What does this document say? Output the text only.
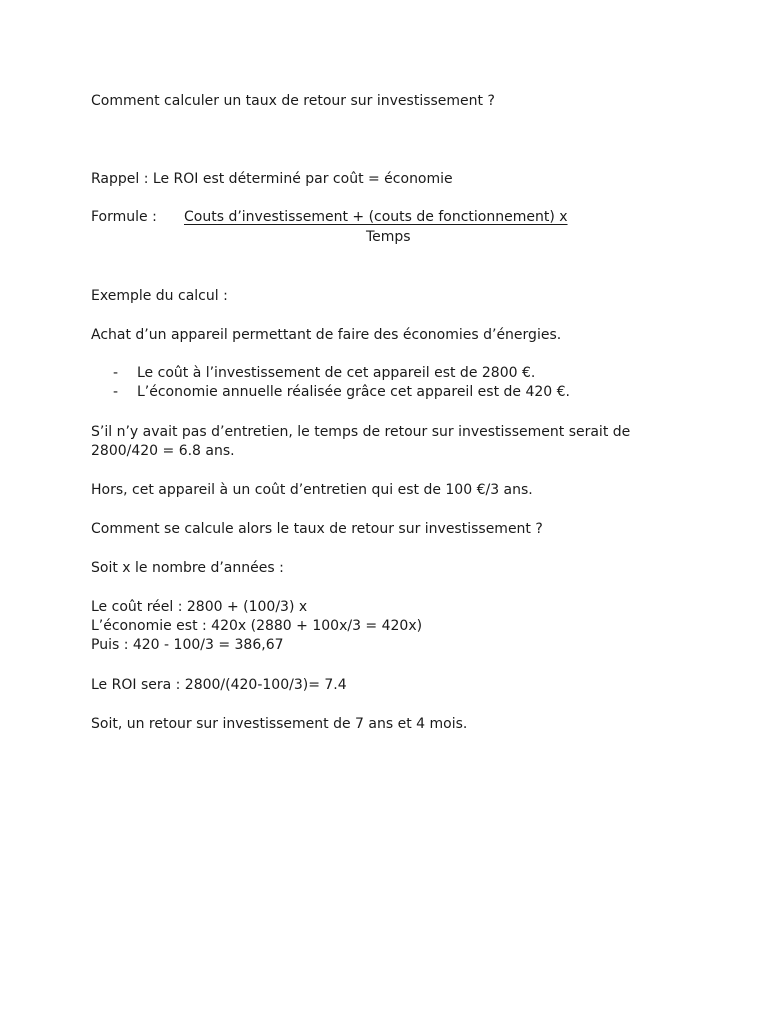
Comment calculer un taux de retour sur investissement ?
Rappel : Le ROI est déterminé par coût = économie
Formule : Couts d’investissement + (couts de fonctionnement) x
Temps
Exemple du calcul :
Achat d’un appareil permettant de faire des économies d’énergies.
- Le coût à l’investissement de cet appareil est de 2800 €.
- L’économie annuelle réalisée grâce cet appareil est de 420 €.
S’il n’y avait pas d’entretien, le temps de retour sur investissement serait de
2800/420 = 6.8 ans.
Hors, cet appareil à un coût d’entretien qui est de 100 €/3 ans.
Comment se calcule alors le taux de retour sur investissement ?
Soit x le nombre d’années :
Le coût réel : 2800 + (100/3) x
L’économie est : 420x (2880 + 100x/3 = 420x)
Puis : 420 - 100/3 = 386,67
Le ROI sera : 2800/(420-100/3)= 7.4
Soit, un retour sur investissement de 7 ans et 4 mois.
